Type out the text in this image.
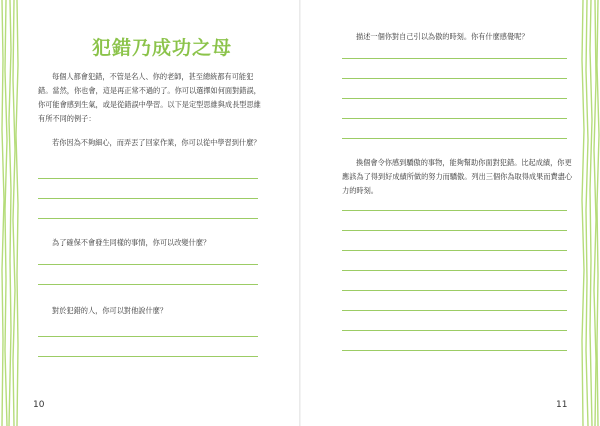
犯錯乃成功之母
每個人都會犯錯，不管是名人、你的老師，甚至總統都有可能犯錯。當然，你也會，這是再正常不過的了。你可以選擇如何面對錯誤，你可能會感到生氣，或是從錯誤中學習。以下是定型思維與成長型思維有所不同的例子：
若你因為不夠細心，而弄丟了回家作業，你可以從中學習到什麼？
為了確保不會發生同樣的事情，你可以改變什麼？
對於犯錯的人，你可以對他說什麼？
10
描述一個你對自己引以為傲的時刻。你有什麼感覺呢？
換個會令你感到驕傲的事物，能夠幫助你面對犯錯。比起成績，你更應該為了得到好成績所做的努力而驕傲。列出三個你為取得成果而費盡心力的時刻。
11
